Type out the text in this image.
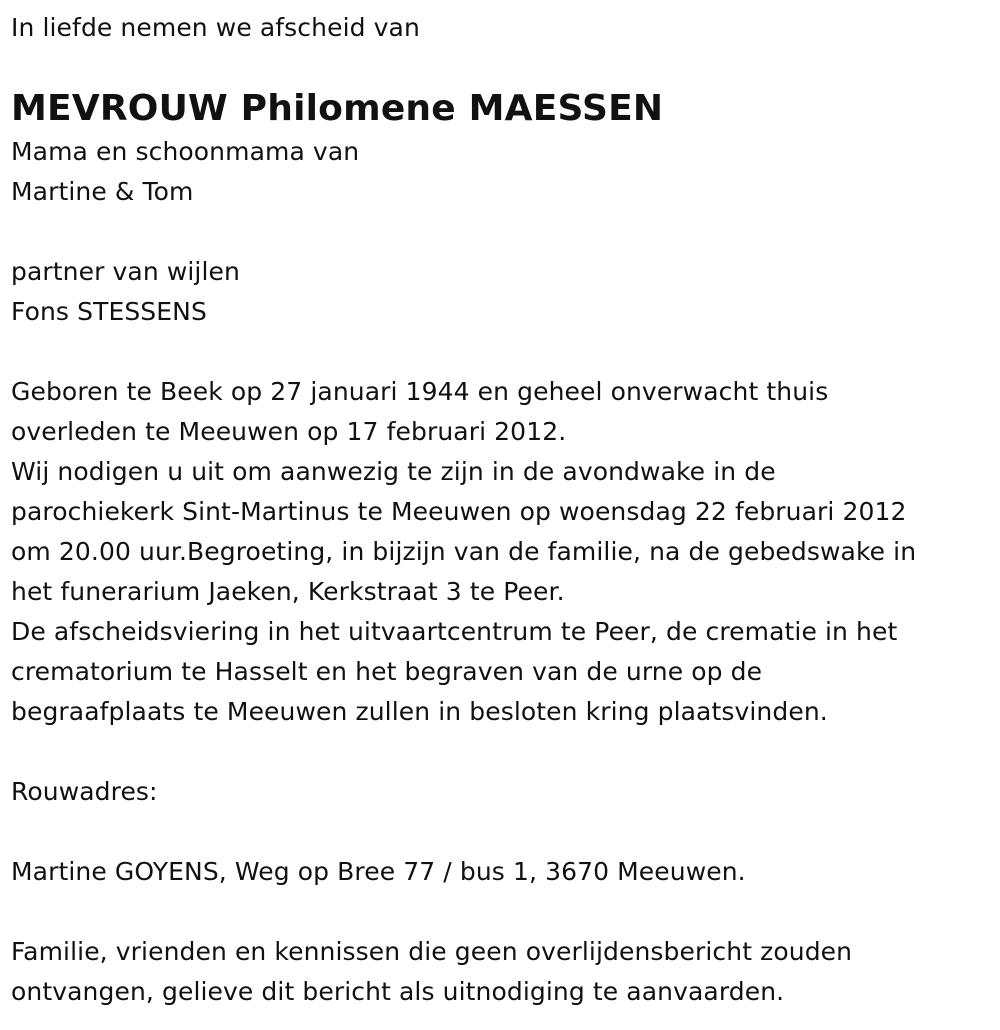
In liefde nemen we afscheid van
MEVROUW Philomene MAESSEN
Mama en schoonmama van
Martine & Tom
partner van wijlen
Fons STESSENS
Geboren te Beek op 27 januari 1944 en geheel onverwacht thuis
overleden te Meeuwen op 17 februari 2012.
Wij nodigen u uit om aanwezig te zijn in de avondwake in de
parochiekerk Sint-Martinus te Meeuwen op woensdag 22 februari 2012
om 20.00 uur.Begroeting, in bijzijn van de familie, na de gebedswake in
het funerarium Jaeken, Kerkstraat 3 te Peer.
De afscheidsviering in het uitvaartcentrum te Peer, de crematie in het
crematorium te Hasselt en het begraven van de urne op de
begraafplaats te Meeuwen zullen in besloten kring plaatsvinden.
Rouwadres:
Martine GOYENS, Weg op Bree 77 / bus 1, 3670 Meeuwen.
Familie, vrienden en kennissen die geen overlijdensbericht zouden
ontvangen, gelieve dit bericht als uitnodiging te aanvaarden.
